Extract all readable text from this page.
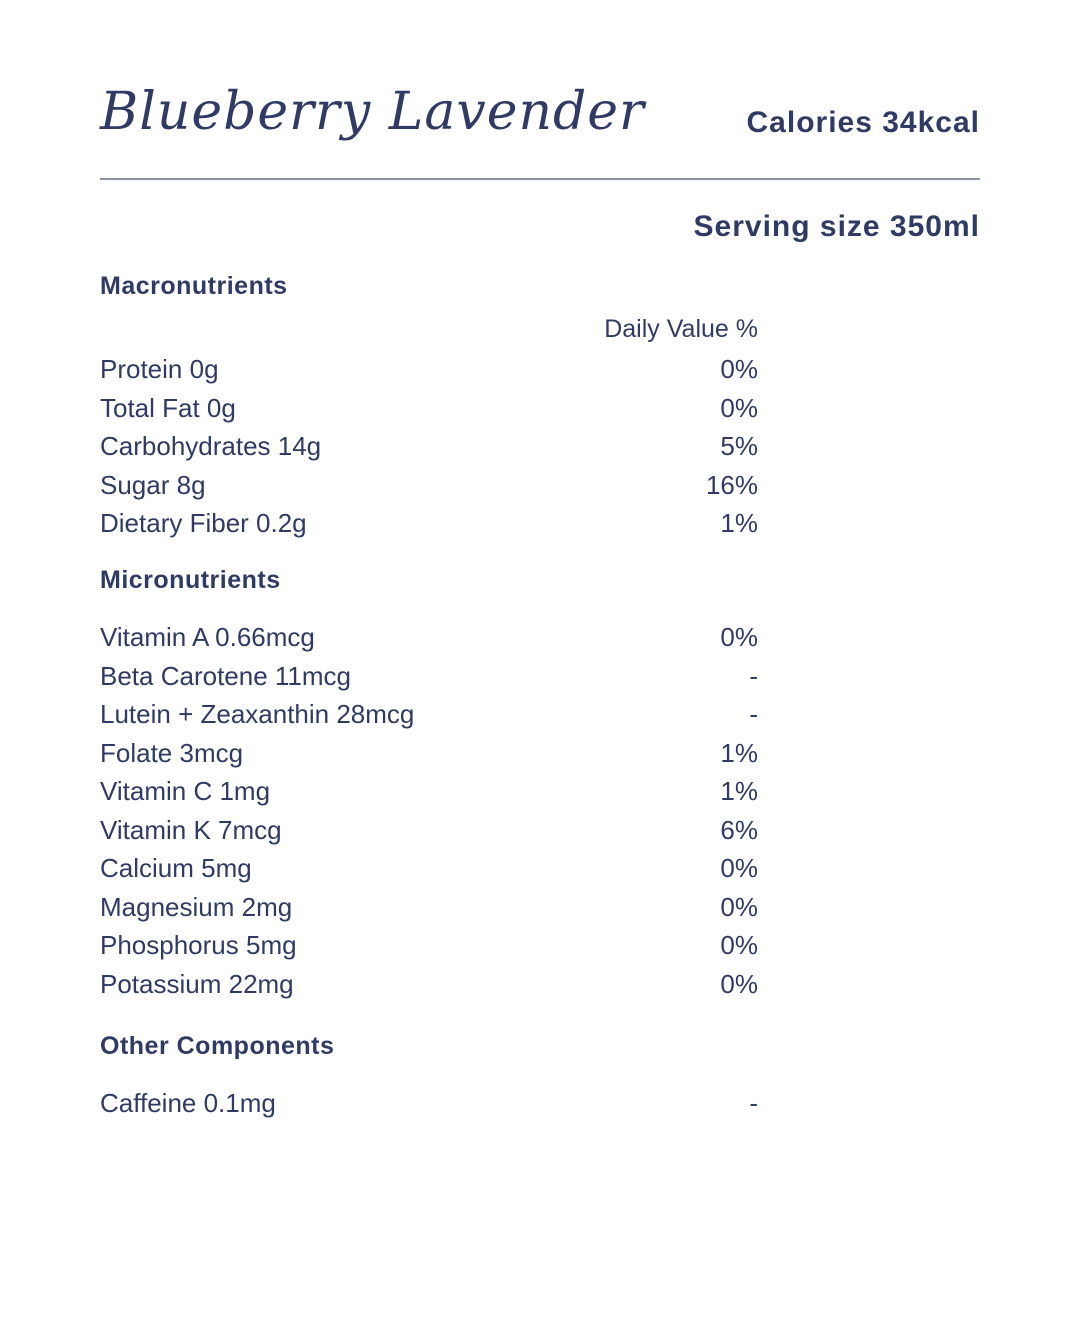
Blueberry Lavender	Calories 34kcal
Serving size 350ml
Macronutrients
Daily Value %
Protein 0g	0%
Total Fat 0g	0%
Carbohydrates 14g	5%
Sugar 8g	16%
Dietary Fiber 0.2g	1%
Micronutrients
Vitamin A 0.66mcg	0%
Beta Carotene 11mcg	-
Lutein + Zeaxanthin 28mcg	-
Folate 3mcg	1%
Vitamin C 1mg	1%
Vitamin K 7mcg	6%
Calcium 5mg	0%
Magnesium 2mg	0%
Phosphorus 5mg	0%
Potassium 22mg	0%
Other Components
Caffeine 0.1mg	-
